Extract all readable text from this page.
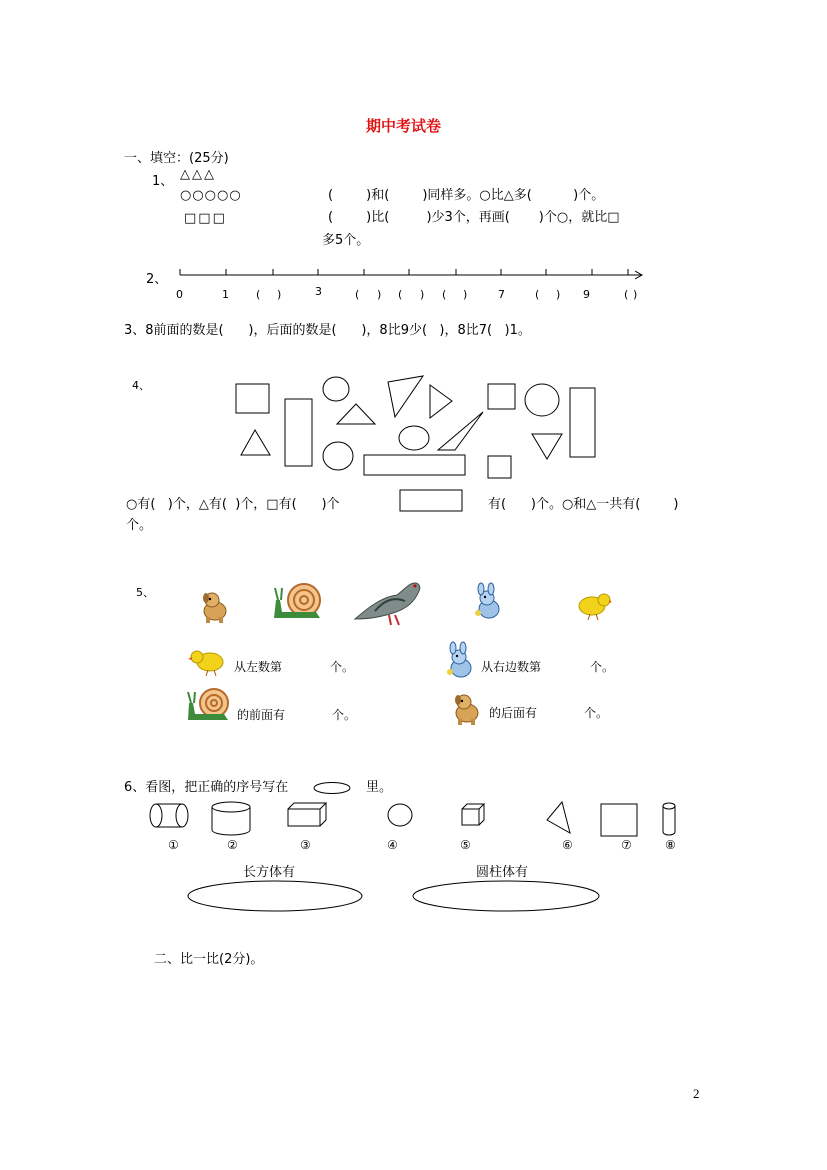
期中考试卷
一、填空：(25分)
1、 △△△
○○○○○
□□□
(        )和(        )同样多。○比△多(          )个。
(        )比(         )少3个，再画(       )个○，就比□
多5个。
2、
0	1 ( )	3	( ) ( ) ( )	7	( ) 9	( )
3、8前面的数是(      )，后面的数是(      )，8比9少(   )，8比7(   )1。
4、
○有(   )个，△有(  )个，□有(      )个	有(      )个。○和△一共有(        )
个。
5、
从左数第	个。	从右边数第	个。
的前面有	个。	的后面有	个。
6、看图，把正确的序号写在	里。
①	②	③	④	⑤	⑥	⑦	⑧
长方体有	圆柱体有
二、比一比(2分)。
2
